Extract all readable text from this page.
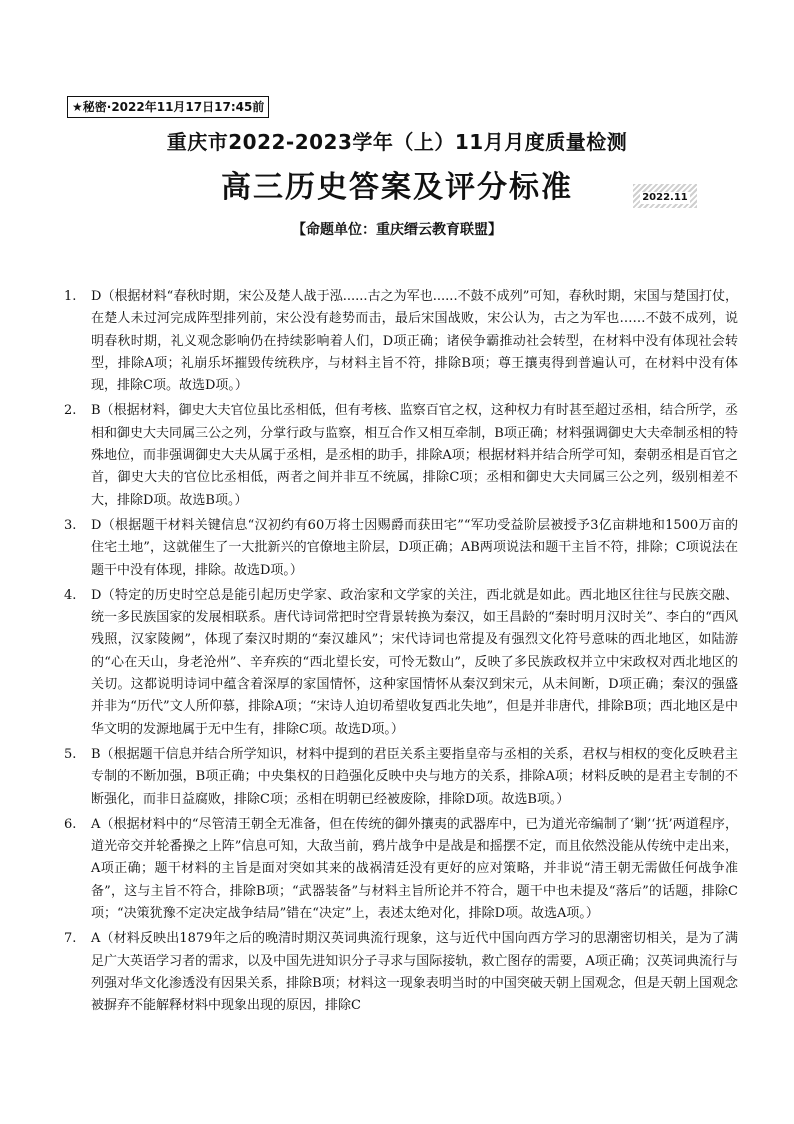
★秘密·2022年11月17日17:45前
重庆市2022-2023学年（上）11月月度质量检测
高三历史答案及评分标准	2022.11
【命题单位：重庆缙云教育联盟】
1.	D（根据材料“春秋时期，宋公及楚人战于泓......古之为军也......不鼓不成列”可知，春秋时期，宋国与楚国打仗，在楚人未过河完成阵型排列前，宋公没有趁势而击，最后宋国战败，宋公认为，古之为军也……不鼓不成列，说明春秋时期，礼义观念影响仍在持续影响着人们，D项正确；诸侯争霸推动社会转型，在材料中没有体现社会转型，排除A项；礼崩乐坏摧毁传统秩序，与材料主旨不符，排除B项；尊王攘夷得到普遍认可，在材料中没有体现，排除C项。故选D项。）
2.	B（根据材料，御史大夫官位虽比丞相低，但有考核、监察百官之权，这种权力有时甚至超过丞相，结合所学，丞相和御史大夫同属三公之列，分掌行政与监察，相互合作又相互牵制，B项正确；材料强调御史大夫牵制丞相的特殊地位，而非强调御史大夫从属于丞相，是丞相的助手，排除A项；根据材料并结合所学可知，秦朝丞相是百官之首，御史大夫的官位比丞相低，两者之间并非互不统属，排除C项；丞相和御史大夫同属三公之列，级别相差不大，排除D项。故选B项。）
3.	D（根据题干材料关键信息“汉初约有60万将士因赐爵而获田宅”“军功受益阶层被授予3亿亩耕地和1500万亩的住宅土地”，这就催生了一大批新兴的官僚地主阶层，D项正确；AB两项说法和题干主旨不符，排除；C项说法在题干中没有体现，排除。故选D项。）
4.	D（特定的历史时空总是能引起历史学家、政治家和文学家的关注，西北就是如此。西北地区往往与民族交融、统一多民族国家的发展相联系。唐代诗词常把时空背景转换为秦汉，如王昌龄的“秦时明月汉时关”、李白的“西风残照，汉家陵阙”，体现了秦汉时期的“秦汉雄风”；宋代诗词也常提及有强烈文化符号意味的西北地区，如陆游的“心在天山，身老沧州”、辛弃疾的“西北望长安，可怜无数山”，反映了多民族政权并立中宋政权对西北地区的关切。这都说明诗词中蕴含着深厚的家国情怀，这种家国情怀从秦汉到宋元，从未间断，D项正确；秦汉的强盛并非为“历代”文人所仰慕，排除A项；“宋诗人迫切希望收复西北失地”，但是并非唐代，排除B项；西北地区是中华文明的发源地属于无中生有，排除C项。故选D项。）
5.	B（根据题干信息并结合所学知识，材料中提到的君臣关系主要指皇帝与丞相的关系，君权与相权的变化反映君主专制的不断加强，B项正确；中央集权的日趋强化反映中央与地方的关系，排除A项；材料反映的是君主专制的不断强化，而非日益腐败，排除C项；丞相在明朝已经被废除，排除D项。故选B项。）
6.	A（根据材料中的“尽管清王朝全无准备，但在传统的御外攘夷的武器库中，已为道光帝编制了‘剿’‘抚’两道程序，道光帝交并轮番操之上阵”信息可知，大敌当前，鸦片战争中是战是和摇摆不定，而且依然没能从传统中走出来，A项正确；题干材料的主旨是面对突如其来的战祸清廷没有更好的应对策略，并非说“清王朝无需做任何战争准备”，这与主旨不符合，排除B项；“武器装备”与材料主旨所论并不符合，题干中也未提及“落后”的话题，排除C项；“决策犹豫不定决定战争结局”错在“决定”上，表述太绝对化，排除D项。故选A项。）
7.	A（材料反映出1879年之后的晚清时期汉英词典流行现象，这与近代中国向西方学习的思潮密切相关，是为了满足广大英语学习者的需求，以及中国先进知识分子寻求与国际接轨，救亡图存的需要，A项正确；汉英词典流行与列强对华文化渗透没有因果关系，排除B项；材料这一现象表明当时的中国突破天朝上国观念，但是天朝上国观念被摒弃不能解释材料中现象出现的原因，排除C
